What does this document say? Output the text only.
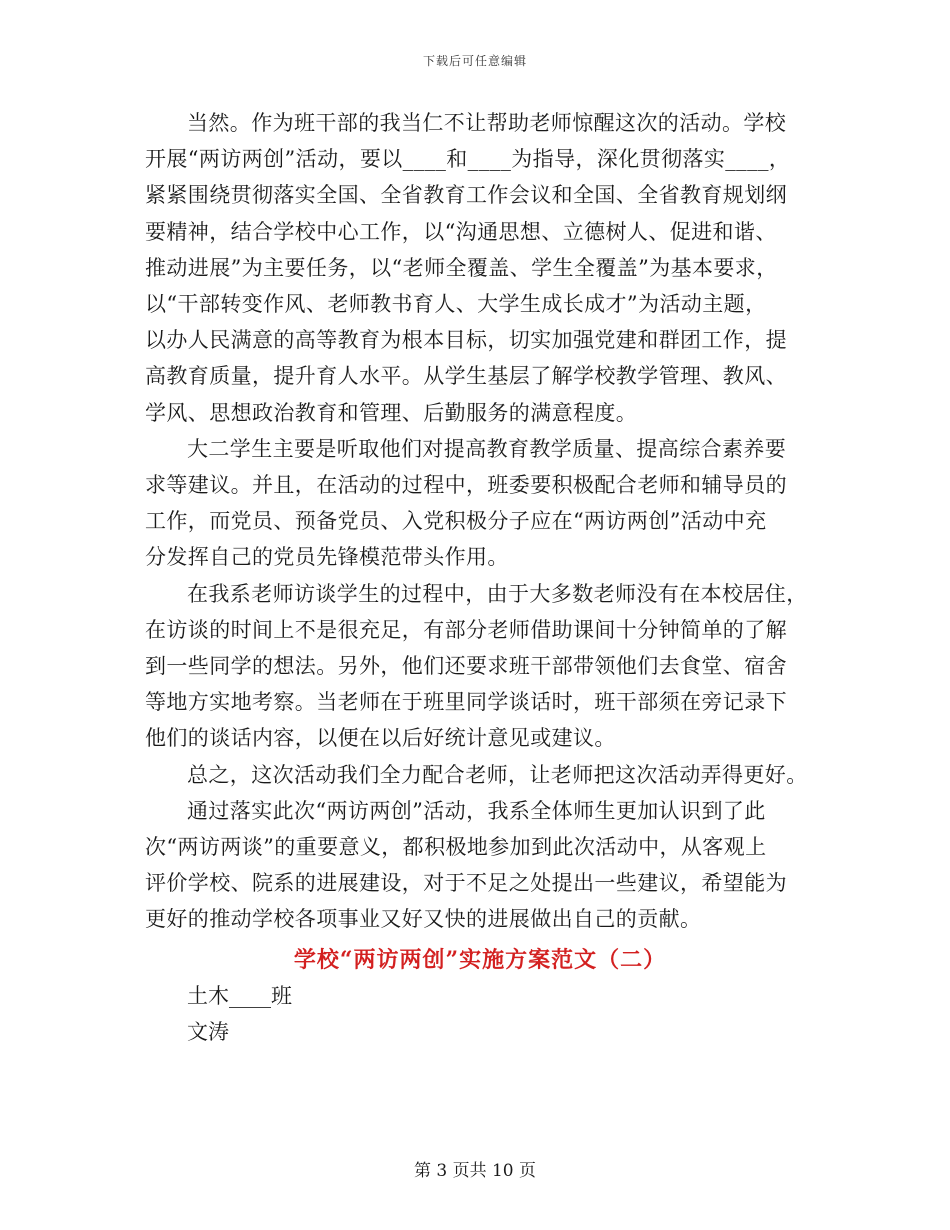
下载后可任意编辑
当然。作为班干部的我当仁不让帮助老师惊醒这次的活动。学校
开展“两访两创”活动，要以____和____为指导，深化贯彻落实____，
紧紧围绕贯彻落实全国、全省教育工作会议和全国、全省教育规划纲
要精神，结合学校中心工作，以“沟通思想、立德树人、促进和谐、
推动进展”为主要任务，以“老师全覆盖、学生全覆盖”为基本要求，
以“干部转变作风、老师教书育人、大学生成长成才”为活动主题，
以办人民满意的高等教育为根本目标，切实加强党建和群团工作，提
高教育质量，提升育人水平。从学生基层了解学校教学管理、教风、
学风、思想政治教育和管理、后勤服务的满意程度。
大二学生主要是听取他们对提高教育教学质量、提高综合素养要
求等建议。并且，在活动的过程中，班委要积极配合老师和辅导员的
工作，而党员、预备党员、入党积极分子应在“两访两创”活动中充
分发挥自己的党员先锋模范带头作用。
在我系老师访谈学生的过程中，由于大多数老师没有在本校居住，
在访谈的时间上不是很充足，有部分老师借助课间十分钟简单的了解
到一些同学的想法。另外，他们还要求班干部带领他们去食堂、宿舍
等地方实地考察。当老师在于班里同学谈话时，班干部须在旁记录下
他们的谈话内容，以便在以后好统计意见或建议。
总之，这次活动我们全力配合老师，让老师把这次活动弄得更好。
通过落实此次“两访两创”活动，我系全体师生更加认识到了此
次“两访两谈”的重要意义，都积极地参加到此次活动中，从客观上
评价学校、院系的进展建设，对于不足之处提出一些建议，希望能为
更好的推动学校各项事业又好又快的进展做出自己的贡献。
学校“两访两创”实施方案范文（二）
土木____班
文涛
第 3 页共 10 页
